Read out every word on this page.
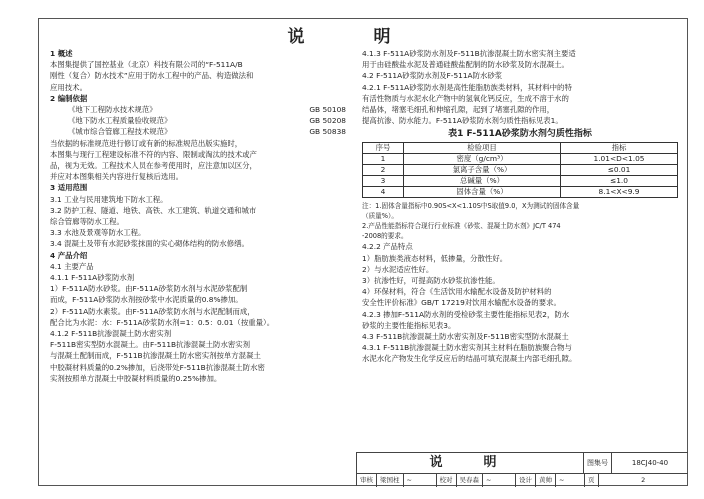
说　明
1 概述
本图集提供了国控基业（北京）科技有限公司的“F-511A/B
刚性（复合）防水技术”应用于防水工程中的产品、构造做法和
应用技术。
2 编制依据
《地下工程防水技术规范》	GB 50108
《地下防水工程质量验收规范》	GB 50208
《城市综合管廊工程技术规范》	GB 50838
当依据的标准规范进行修订或有新的标准规范出版实施时，
本图集与现行工程建设标准不符的内容、限制或淘汰的技术或产
品，视为无效。工程技术人员在参考使用时，应注意加以区分，
并应对本图集相关内容进行复核后选用。
3 适用范围
3.1 工业与民用建筑地下防水工程。
3.2 防护工程、隧道、地铁、高铁、水工建筑、轨道交通和城市
综合管廊等防水工程。
3.3 水池及景观等防水工程。
3.4 混凝土及带有水泥砂浆抹面的实心砌体结构的防水修缮。
4 产品介绍
4.1 主要产品
4.1.1 F-511A砂浆防水剂
1）F-511A防水砂浆。由F-511A砂浆防水剂与水泥砂浆配制
而成，F-511A砂浆防水剂按砂浆中水泥质量的0.8%掺加。
2）F-511A防水素浆。由F-511A砂浆防水剂与水泥配制而成，
配合比为水泥：水：F-511A砂浆防水剂=1：0.5：0.01（按重量）。
4.1.2 F-511B抗渗混凝土防水密实剂
F-511B密实型防水混凝土。由F-511B抗渗混凝土防水密实剂
与混凝土配制而成，F-511B抗渗混凝土防水密实剂按单方混凝土
中胶凝材料质量的0.2%掺加，后浇带处F-511B抗渗混凝土防水密
实剂按照单方混凝土中胶凝材料质量的0.25%掺加。
4.1.3 F-511A砂浆防水剂及F-511B抗渗混凝土防水密实剂主要适
用于由硅酸盐水泥及普通硅酸盐配制的防水砂浆及防水混凝土。
4.2 F-511A砂浆防水剂及F-511A防水砂浆
4.2.1 F-511A砂浆防水剂是高性能脂肪族类材料，其材料中的特
有活性物质与水泥水化产物中的氢氧化钙反应，生成不溶于水的
结晶体，堵塞毛细孔和伸缩孔隙，起到了堵塞孔隙的作用，
提高抗渗、防水能力。F-511A砂浆防水剂匀质性指标见表1。
表1 F-511A砂浆防水剂匀质性指标
序号	检验项目	指标
1	密度（g/cm³）	1.01<D<1.05
2	氯离子含量（%）	≤0.01
3	总碱量（%）	≤1.0
4	固体含量（%）	8.1<X<9.9
注：1.固体含量指标中0.90S<X<1.10S中S取值9.0，X为测试的固体含量
（质量%）。
2.产品性能指标符合现行行业标准《砂浆、混凝土防水剂》JC/T 474
-2008的要求。
4.2.2 产品特点
1）脂肪族类液态材料，低掺量，分散性好。
2）与水泥适应性好。
3）抗渗性好，可提高防水砂浆抗渗性能。
4）环保材料，符合《生活饮用水输配水设备及防护材料的
安全性评价标准》GB/T 17219对饮用水输配水设备的要求。
4.2.3 掺加F-511A防水剂的受检砂浆主要性能指标见表2，防水
砂浆的主要性能指标见表3。
4.3 F-511B抗渗混凝土防水密实剂及F-511B密实型防水混凝土
4.3.1 F-511B抗渗混凝土防水密实剂其主材料在脂肪族聚合物与
水泥水化产物发生化学反应后的结晶可填充混凝土内部毛细孔隙。
说　明	图集号	18CJ40-40
审核	梁国柱	~	校对	吴春森	~	设计	黄帅	~	页	2
